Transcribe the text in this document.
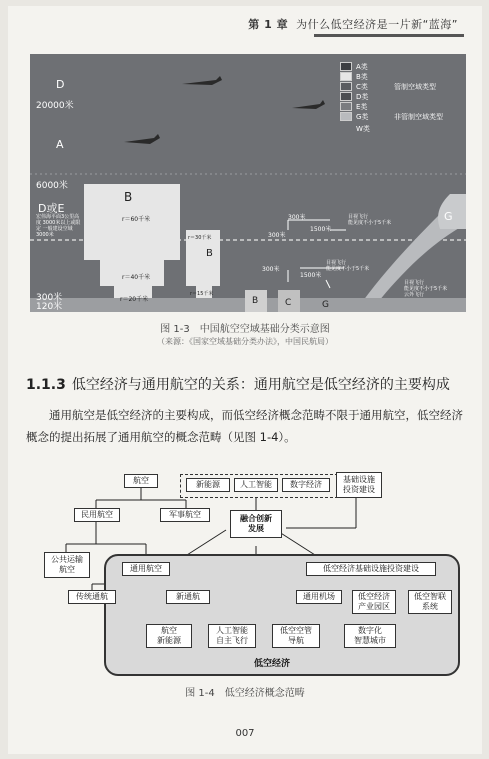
第 1 章 为什么低空经济是一片新“蓝海”
D
20000米
A
6000米
D或E
宏伟海平面3公里高度 3000米以上或限定 一般建设空域 3000米
300米
120米
B
B
r＝60千米
r＝40千米
r＝20千米
r＝30千米
r＝15千米
300米
1500米
300米
300米
1500米
目视飞行
能见度不小于5千米
目视飞行
能见度不小于5千米
目视飞行
能见度不小于5千米
云外飞行
G
B	C	G
A类
B类
C类
D类
E类
G类
管制空域类型
非管制空域类型
W类
图 1-3　中国航空空域基础分类示意图
（来源：《国家空域基础分类办法》，中国民航局）
1.1.3 低空经济与通用航空的关系：通用航空是低空经济的主要构成
通用航空是低空经济的主要构成，而低空经济概念范畴不限于通用航空，低空经济概念的提出拓展了通用航空的概念范畴（见图 1-4）。
航空
民用航空	军事航空
公共运输
航空
新能源	人工智能	数字经济
基础设施
投资建设
融合创新
发展
通用航空	低空经济基础设施投资建设
传统通航	新通航	通用机场	低空经济
产业园区
低空智联
系统
航空
新能源
人工智能
自主飞行
低空空管
导航
数字化
智慧城市
低空经济
图 1-4　低空经济概念范畴
007
